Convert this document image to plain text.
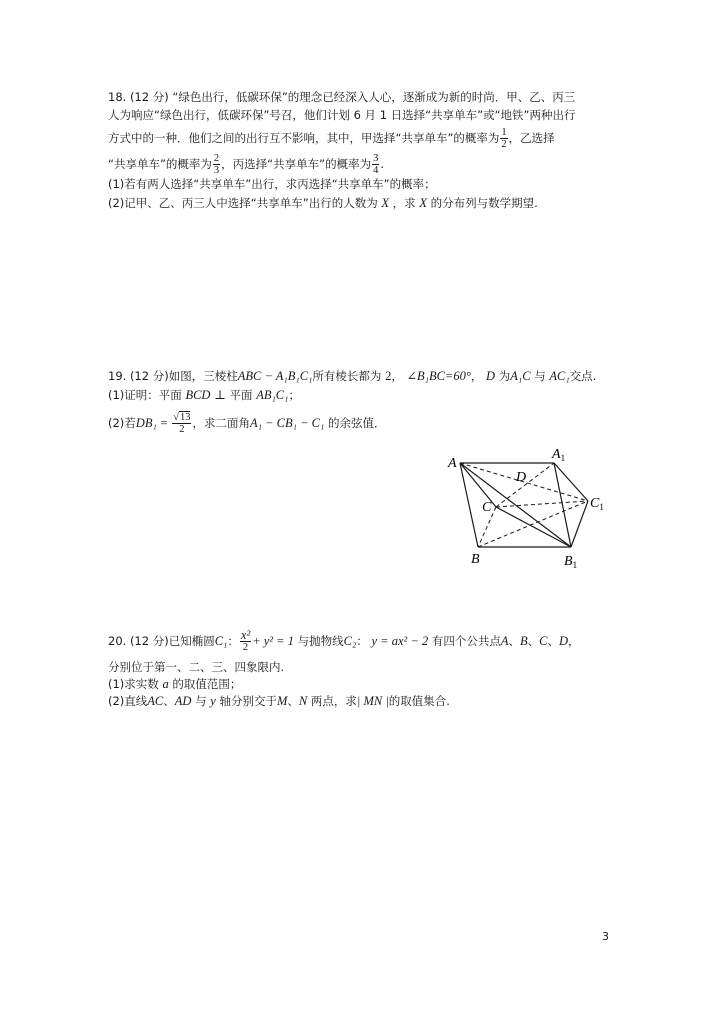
18. (12 分) “绿色出行，低碳环保”的理念已经深入人心，逐渐成为新的时尚．甲、乙、丙三
人为响应“绿色出行，低碳环保”号召，他们计划 6 月 1 日选择“共享单车”或“地铁”两种出行
方式中的一种．他们之间的出行互不影响，其中，甲选择“共享单车”的概率为 $\frac{1}{2}$ ，乙选择
“共享单车”的概率为 $\frac{2}{3}$ ，丙选择“共享单车”的概率为 $\frac{3}{4}$ .
(1)若有两人选择“共享单车”出行，求丙选择“共享单车”的概率；
(2)记甲、乙、丙三人中选择“共享单车”出行的人数为 X ，求 X 的分布列与数学期望.
19. (12 分)如图，三棱柱ABC − A₁B₁C₁所有棱长都为 2， ∠B₁BC=60°， D 为A₁C 与 AC₁交点.
(1)证明：平面 BCD ⊥ 平面 AB₁C₁；
(2)若$DB_1 = \frac{√13}{2}$ ，求二面角A₁ − CB₁ − C₁ 的余弦值．
A
$A_1$
D
C	$C_1$
B	$B_1$
20. (12 分)已知椭圆C₁： $\frac{\text{x²}}{2} + y^2 = 1$ 与抛物线C₂： y = ax² − 2 有四个公共点A、B、C、D，
分别位于第一、二、三、四象限内.
(1)求实数 a 的取值范围；
(2)直线AC、AD 与 y 轴分别交于M、N 两点，求| MN |的取值集合.
3
